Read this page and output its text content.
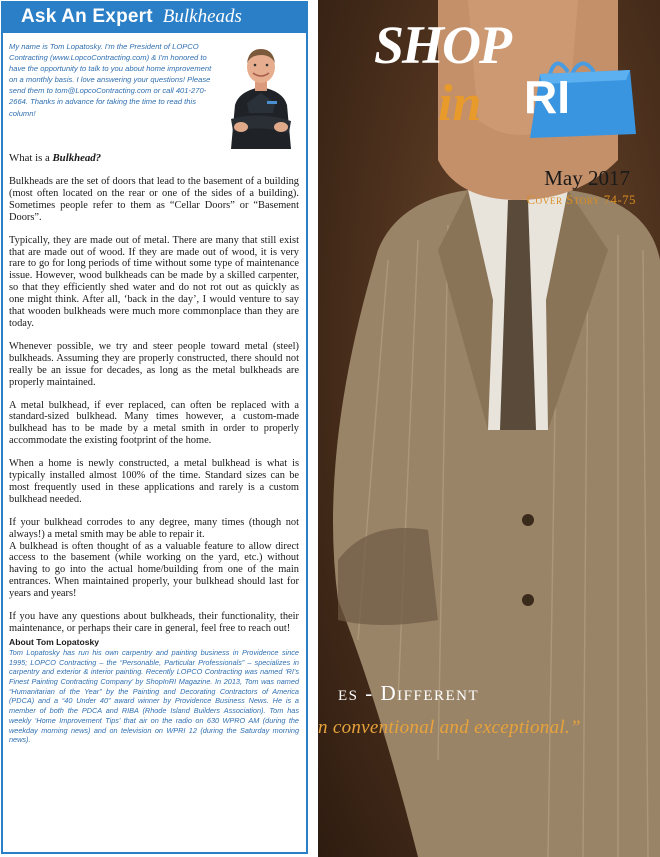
Ask An Expert Bulkheads

My name is Tom Lopatosky. I'm the President of LOPCO Contracting (www.LopcoContracting.com) & I'm honored to have the opportunity to talk to you about home improvement on a monthly basis. I love answering your questions! Please send them to tom@LopcoContracting.com or call 401-270-2664. Thanks in advance for taking the time to read this column!

What is a Bulkhead?

Bulkheads are the set of doors that lead to the basement of a building (most often located on the rear or one of the sides of a building). Sometimes people refer to them as “Cellar Doors” or “Basement Doors”.

Typically, they are made out of metal. There are many that still exist that are made out of wood. If they are made out of wood, it is very rare to go for long periods of time without some type of maintenance issue. However, wood bulkheads can be made by a skilled carpenter, so that they efficiently shed water and do not rot out as quickly as one might think. After all, ‘back in the day’, I would venture to say that wooden bulkheads were much more commonplace than they are today.

Whenever possible, we try and steer people toward metal (steel) bulkheads. Assuming they are properly constructed, there should not really be an issue for decades, as long as the metal bulkheads are properly maintained.

A metal bulkhead, if ever replaced, can often be replaced with a standard-sized bulkhead. Many times however, a custom-made bulkhead has to be made by a metal smith in order to properly accommodate the existing footprint of the home.

When a home is newly constructed, a metal bulkhead is what is typically installed almost 100% of the time. Standard sizes can be most frequently used in these applications and rarely is a custom bulkhead needed.

If your bulkhead corrodes to any degree, many times (though not always!) a metal smith may be able to repair it.

A bulkhead is often thought of as a valuable feature to allow direct access to the basement (while working on the yard, etc.) without having to go into the actual home/building from one of the main entrances. When maintained properly, your bulkhead should last for years and years!

If you have any questions about bulkheads, their functionality, their maintenance, or perhaps their care in general, feel free to reach out!

About Tom Lopatosky

Tom Lopatosky has run his own carpentry and painting business in Providence since 1995; LOPCO Contracting – the “Personable, Particular Professionals” – specializes in carpentry and exterior & interior painting. Recently LOPCO Contracting was named ‘RI’s Finest Painting Contracting Company’ by ShopInRI Magazine. In 2013, Tom was named “Humanitarian of the Year” by the Painting and Decorating Contractors of America (PDCA) and a “40 Under 40” award winner by Providence Business News. He is a member of both the PDCA and RIBA (Rhode Island Builders Association). Tom has weekly ‘Home Improvement Tips’ that air on the radio on 630 WPRO AM (during the weekday morning news) and on television on WPRI 12 (during the Saturday morning news).

SHOP
in RI
May 2017
Cover Story 74-75
es - Different
n conventional and exceptional.”
